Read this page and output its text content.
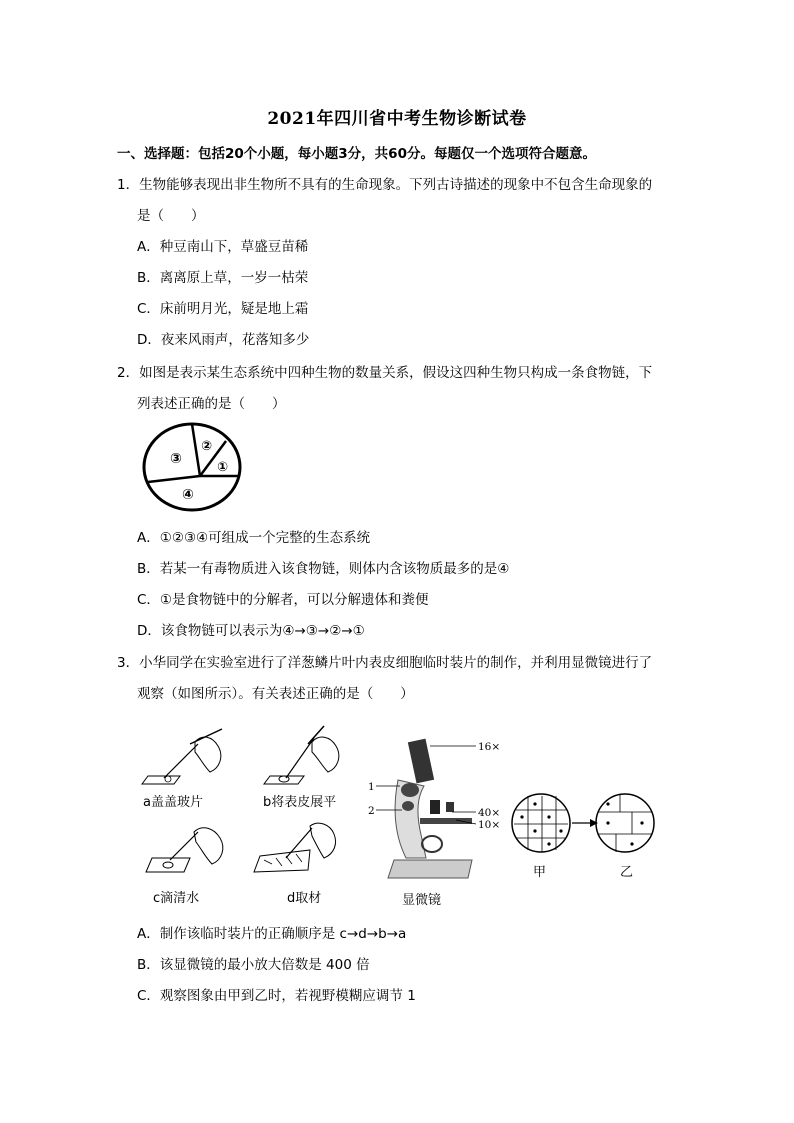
2021年四川省中考生物诊断试卷
一、选择题：包括20个小题，每小题3分，共60分。每题仅一个选项符合题意。
1．生物能够表现出非生物所不具有的生命现象。下列古诗描述的现象中不包含生命现象的
是（　　）
A．种豆南山下，草盛豆苗稀
B．离离原上草，一岁一枯荣
C．床前明月光，疑是地上霜
D．夜来风雨声，花落知多少
2．如图是表示某生态系统中四种生物的数量关系，假设这四种生物只构成一条食物链，下
列表述正确的是（　　）
③
②
①
④
A．①②③④可组成一个完整的生态系统
B．若某一有毒物质进入该食物链，则体内含该物质最多的是④
C．①是食物链中的分解者，可以分解遗体和粪便
D．该食物链可以表示为④→③→②→①
3．小华同学在实验室进行了洋葱鳞片叶内表皮细胞临时装片的制作，并利用显微镜进行了
观察（如图所示）。有关表述正确的是（　　）
a盖盖玻片	b将表皮展平
c滴清水	d取材
16×
1
2	40×
10×
显微镜
甲	乙
A．制作该临时装片的正确顺序是 c→d→b→a
B．该显微镜的最小放大倍数是 400 倍
C．观察图象由甲到乙时，若视野模糊应调节 1
